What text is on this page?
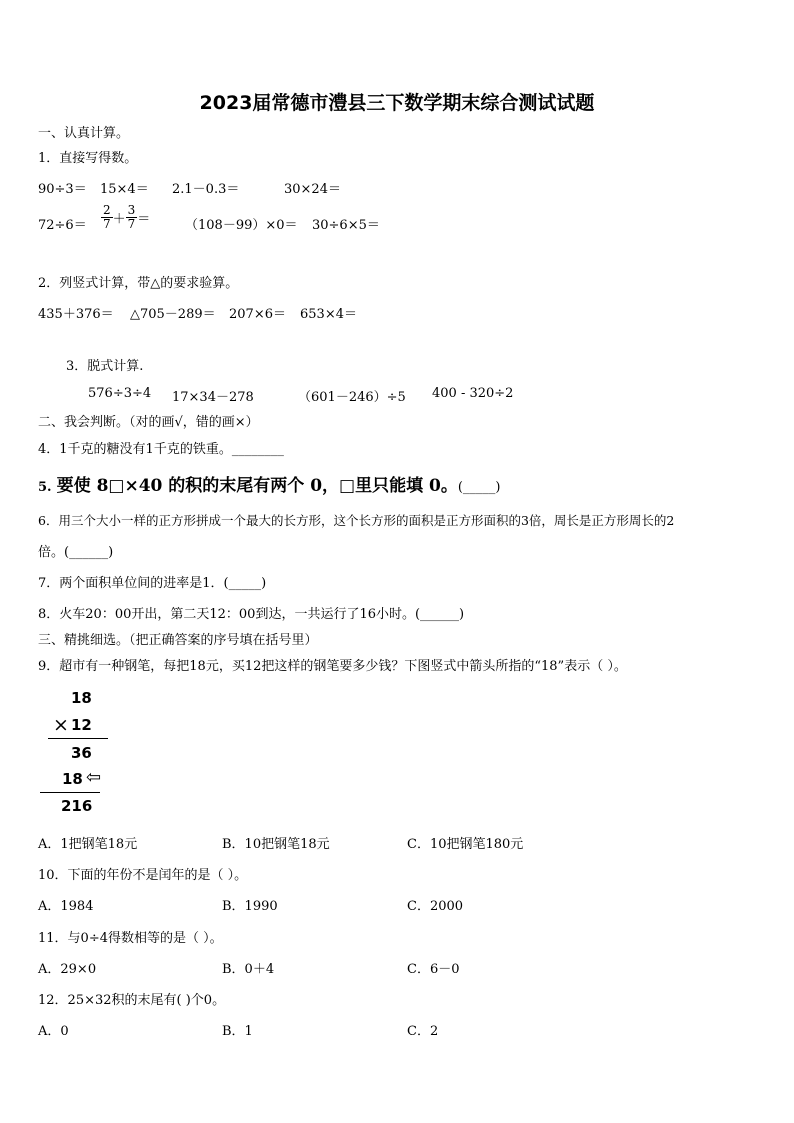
2023届常德市澧县三下数学期末综合测试试题
一、认真计算。
1．直接写得数。
90÷3＝ 15×4＝ 2.1－0.3＝	30×24＝
$72\div 6= \frac{2}{7} + \frac{3}{7}$ ＝	（108－99）×0＝ 30÷6×5＝
2．列竖式计算，带△的要求验算。
435＋376＝ △705－289＝ 207×6＝ 653×4＝
3．脱式计算.
576÷3÷4 17×34－278	（601－246）÷5 400 - 320÷2
二、我会判断。（对的画√，错的画×）
4．1千克的糖没有1千克的铁重。________
5. 要使 8□×40 的积的末尾有两个 0，□里只能填 0。(_____)
6．用三个大小一样的正方形拼成一个最大的长方形，这个长方形的面积是正方形面积的3倍，周长是正方形周长的2
倍。(______)
7．两个面积单位间的进率是1．(_____)
8．火车20：00开出，第二天12：00到达，一共运行了16小时。(______)
三、精挑细选。（把正确答案的序号填在括号里）
9．超市有一种钢笔，每把18元，买12把这样的钢笔要多少钱？下图竖式中箭头所指的“18”表示（ ）。
18
× 12
36
18 ⇦
216
A．1把钢笔18元	B．10把钢笔18元	C．10把钢笔180元
10．下面的年份不是闰年的是（ ）。
A．1984	B．1990	C．2000
11．与0÷4得数相等的是（ ）。
A．29×0	B．0＋4	C．6－0
12．25×32积的末尾有( )个0。
A．0	B．1	C．2
